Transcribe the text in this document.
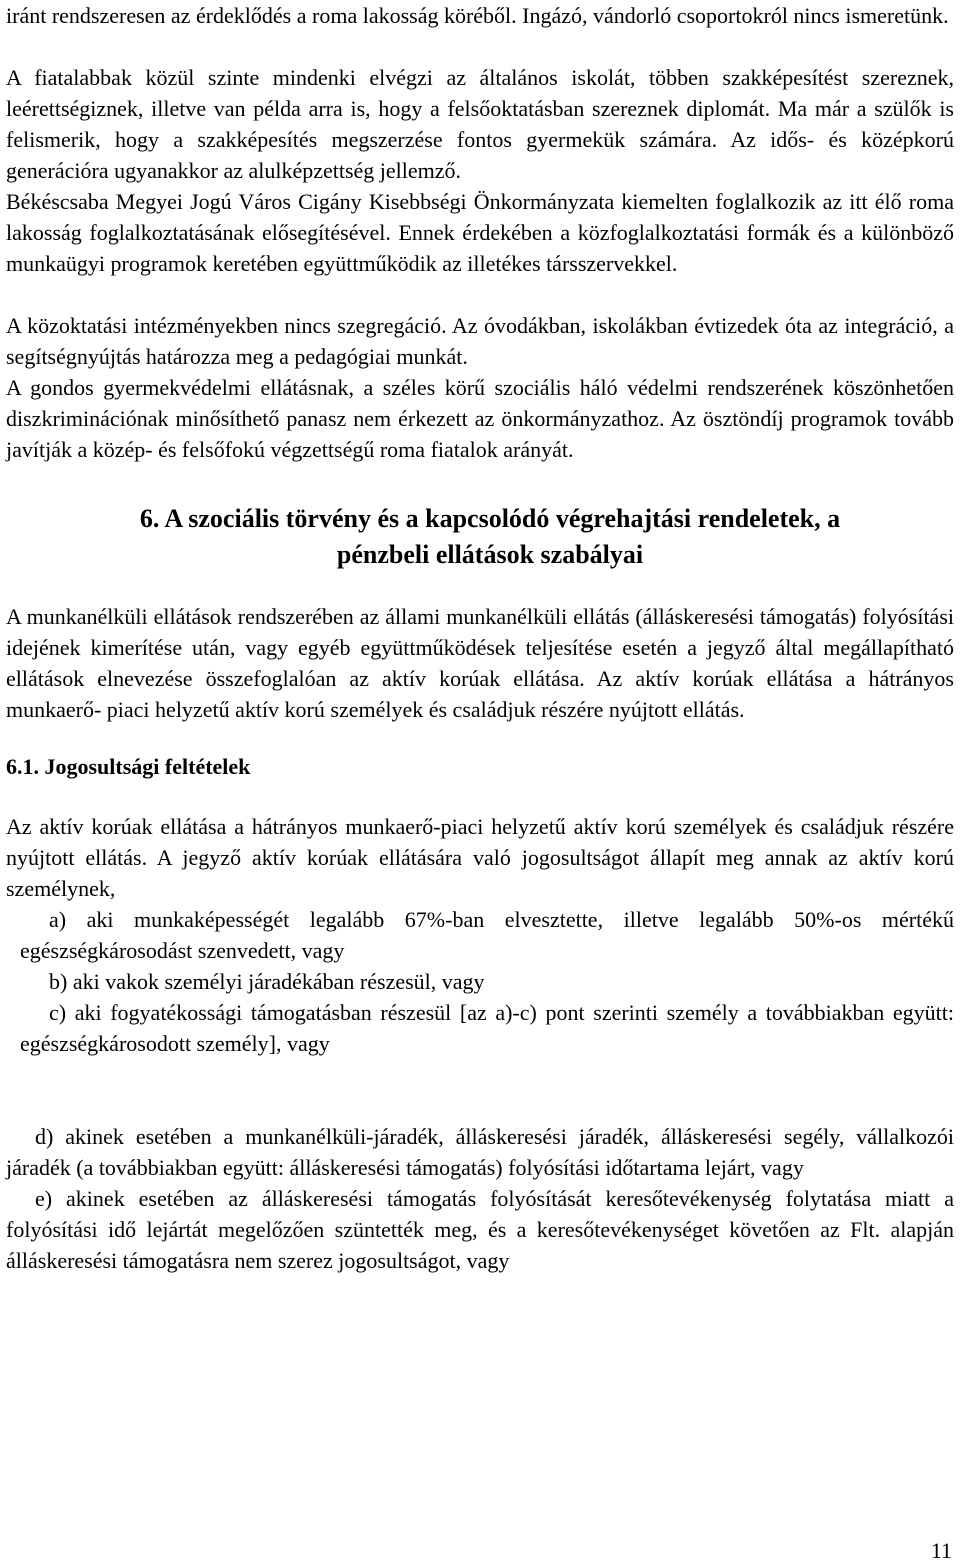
iránt rendszeresen az érdeklődés a roma lakosság köréből. Ingázó, vándorló csoportokról nincs ismeretünk.

A fiatalabbak közül szinte mindenki elvégzi az általános iskolát, többen szakképesítést szereznek, leérettségiznek, illetve van példa arra is, hogy a felsőoktatásban szereznek diplomát. Ma már a szülők is felismerik, hogy a szakképesítés megszerzése fontos gyermekük számára. Az idős- és középkorú generációra ugyanakkor az alulképzettség jellemző.

Békéscsaba Megyei Jogú Város Cigány Kisebbségi Önkormányzata kiemelten foglalkozik az itt élő roma lakosság foglalkoztatásának elősegítésével. Ennek érdekében a közfoglalkoztatási formák és a különböző munkaügyi programok keretében együttműködik az illetékes társszervekkel.

A közoktatási intézményekben nincs szegregáció. Az óvodákban, iskolákban évtizedek óta az integráció, a segítségnyújtás határozza meg a pedagógiai munkát.

A gondos gyermekvédelmi ellátásnak, a széles körű szociális háló védelmi rendszerének köszönhetően diszkriminációnak minősíthető panasz nem érkezett az önkormányzathoz. Az ösztöndíj programok tovább javítják a közép- és felsőfokú végzettségű roma fiatalok arányát.

6. A szociális törvény és a kapcsolódó végrehajtási rendeletek, a
pénzbeli ellátások szabályai

A munkanélküli ellátások rendszerében az állami munkanélküli ellátás (álláskeresési támogatás) folyósítási idejének kimerítése után, vagy egyéb együttműködések teljesítése esetén a jegyző által megállapítható ellátások elnevezése összefoglalóan az aktív korúak ellátása. Az aktív korúak ellátása a hátrányos munkaerő- piaci helyzetű aktív korú személyek és családjuk részére nyújtott ellátás.

6.1. Jogosultsági feltételek

Az aktív korúak ellátása a hátrányos munkaerő-piaci helyzetű aktív korú személyek és családjuk részére nyújtott ellátás. A jegyző aktív korúak ellátására való jogosultságot állapít meg annak az aktív korú személynek,

a) aki munkaképességét legalább 67%-ban elvesztette, illetve legalább 50%-os mértékű egészségkárosodást szenvedett, vagy

b) aki vakok személyi járadékában részesül, vagy

c) aki fogyatékossági támogatásban részesül [az a)-c) pont szerinti személy a továbbiakban együtt: egészségkárosodott személy], vagy

d) akinek esetében a munkanélküli-járadék, álláskeresési járadék, álláskeresési segély, vállalkozói járadék (a továbbiakban együtt: álláskeresési támogatás) folyósítási időtartama lejárt, vagy

e) akinek esetében az álláskeresési támogatás folyósítását keresőtevékenység folytatása miatt a folyósítási idő lejártát megelőzően szüntették meg, és a keresőtevékenységet követően az Flt. alapján álláskeresési támogatásra nem szerez jogosultságot, vagy

11
